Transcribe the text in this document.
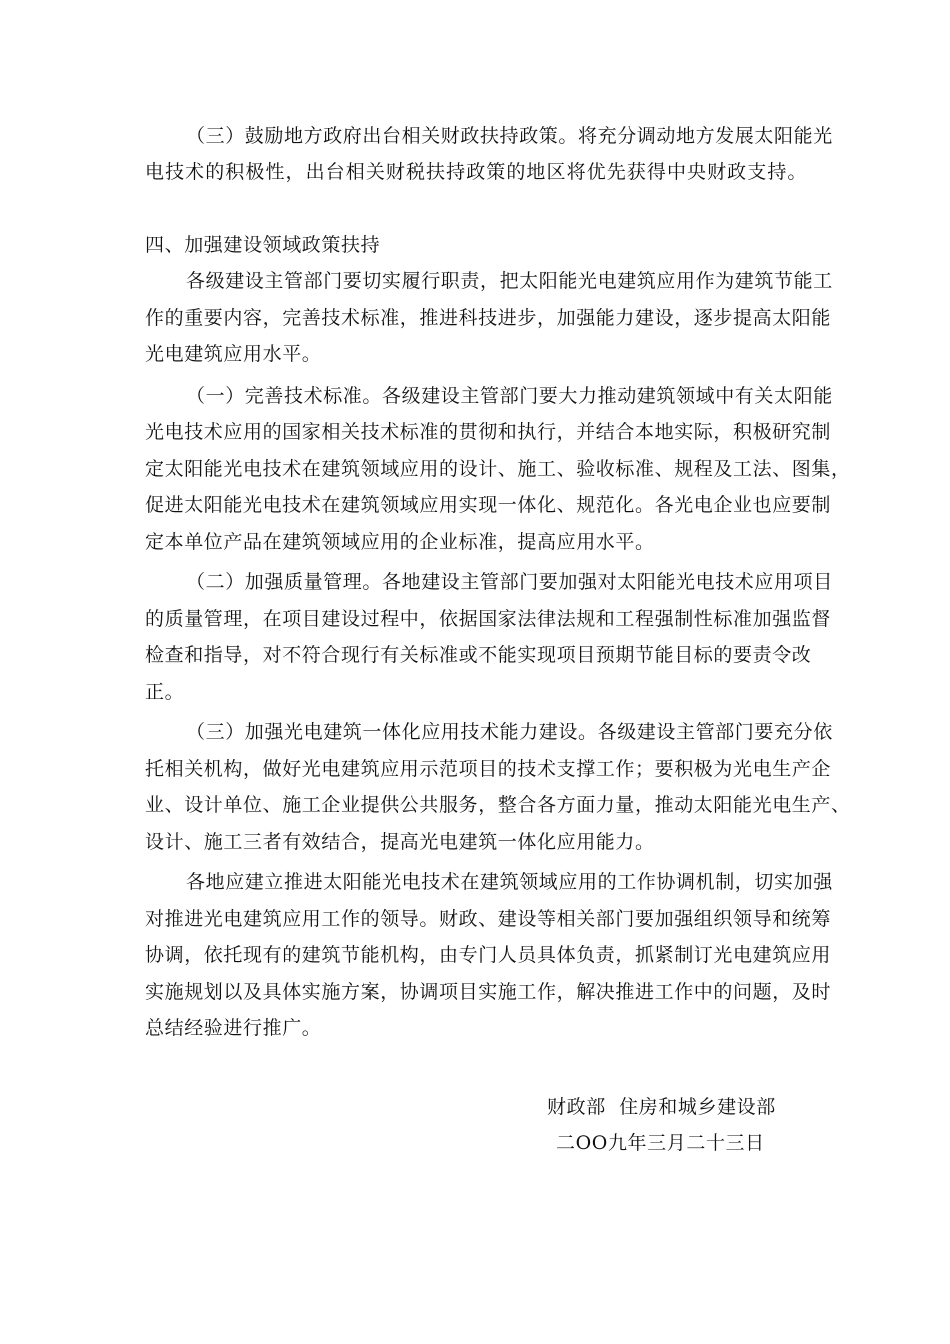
（三）鼓励地方政府出台相关财政扶持政策。将充分调动地方发展太阳能光
电技术的积极性，出台相关财税扶持政策的地区将优先获得中央财政支持。
四、加强建设领域政策扶持
各级建设主管部门要切实履行职责，把太阳能光电建筑应用作为建筑节能工
作的重要内容，完善技术标准，推进科技进步，加强能力建设，逐步提高太阳能
光电建筑应用水平。
（一）完善技术标准。各级建设主管部门要大力推动建筑领域中有关太阳能
光电技术应用的国家相关技术标准的贯彻和执行，并结合本地实际，积极研究制
定太阳能光电技术在建筑领域应用的设计、施工、验收标准、规程及工法、图集，
促进太阳能光电技术在建筑领域应用实现一体化、规范化。各光电企业也应要制
定本单位产品在建筑领域应用的企业标准，提高应用水平。
（二）加强质量管理。各地建设主管部门要加强对太阳能光电技术应用项目
的质量管理，在项目建设过程中，依据国家法律法规和工程强制性标准加强监督
检查和指导，对不符合现行有关标准或不能实现项目预期节能目标的要责令改
正。
（三）加强光电建筑一体化应用技术能力建设。各级建设主管部门要充分依
托相关机构，做好光电建筑应用示范项目的技术支撑工作；要积极为光电生产企
业、设计单位、施工企业提供公共服务，整合各方面力量，推动太阳能光电生产、
设计、施工三者有效结合，提高光电建筑一体化应用能力。
各地应建立推进太阳能光电技术在建筑领域应用的工作协调机制，切实加强
对推进光电建筑应用工作的领导。财政、建设等相关部门要加强组织领导和统筹
协调，依托现有的建筑节能机构，由专门人员具体负责，抓紧制订光电建筑应用
实施规划以及具体实施方案，协调项目实施工作，解决推进工作中的问题，及时
总结经验进行推广。
财政部  住房和城乡建设部
二OO九年三月二十三日
